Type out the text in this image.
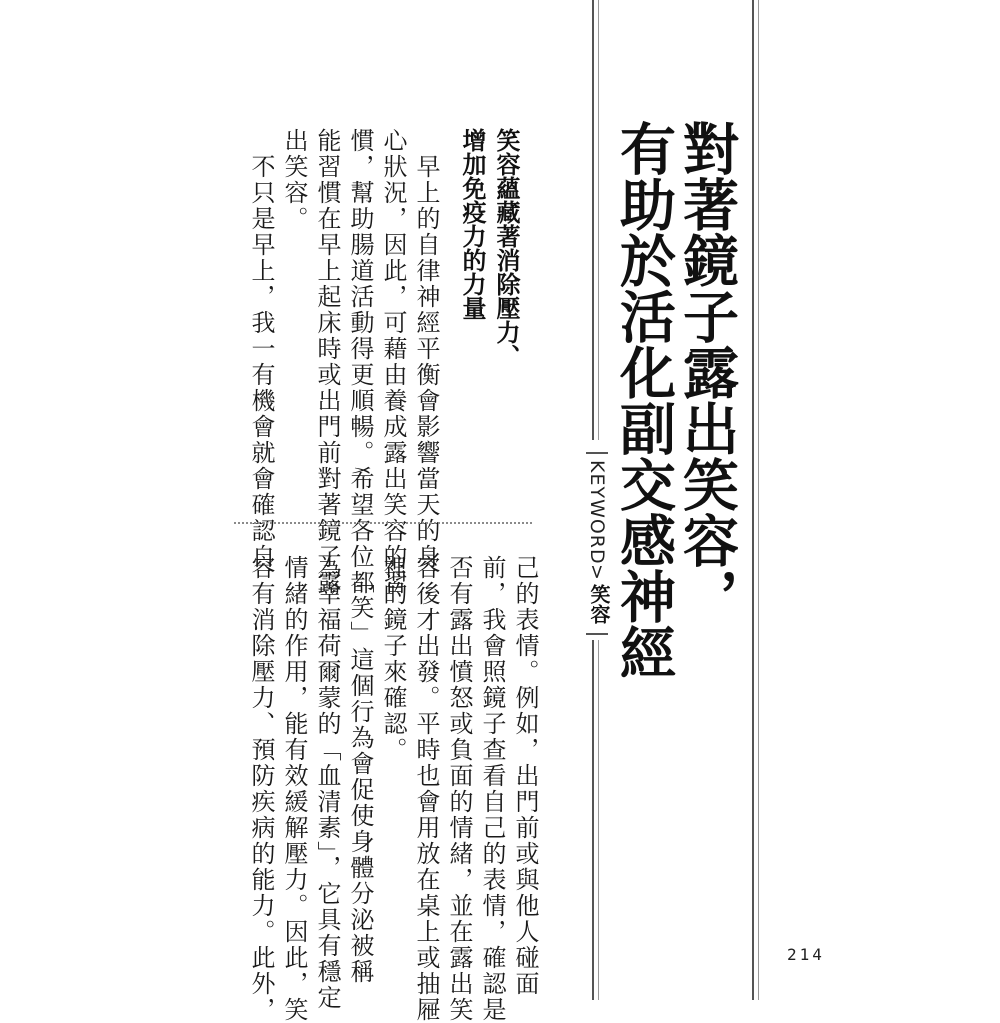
KEYWORD
>
笑容 對著鏡子露出笑容，
有助於活化副交感神經
笑容蘊藏著消除壓力、
增加免疫力的力量
　早上的自律神經平衡會影響當天的身
心狀況，因此，可藉由養成露出笑容的習
慣，幫助腸道活動得更順暢。希望各位都
能習慣在早上起床時或出門前對著鏡子露
出笑容。
　不只是早上，我一有機會就會確認自
己的表情。例如，出門前或與他人碰面
前，我會照鏡子查看自己的表情，確認是
否有露出憤怒或負面的情緒，並在露出笑
容後才出發。平時也會用放在桌上或抽屜
裡的鏡子來確認。
　「笑」這個行為會促使身體分泌被稱
為幸福荷爾蒙的「血清素」，它具有穩定
情緒的作用，能有效緩解壓力。因此，笑
容有消除壓力、預防疾病的能力。此外，	214
